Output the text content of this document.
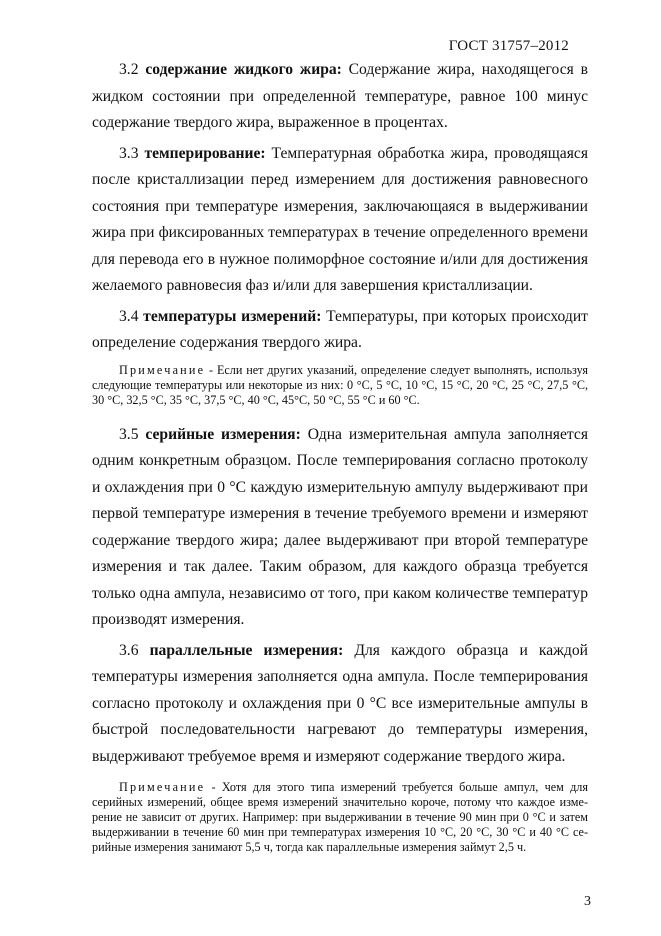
ГОСТ 31757–2012

3.2 содержание жидкого жира: Содержание жира, находящегося в жидком состоянии при определенной температуре, равное 100 минус содержание твердого жира, выраженное в процентах.

3.3 темперирование: Температурная обработка жира, проводящаяся после кристаллизации перед измерением для достижения равновесного состояния при температуре измерения, заключающаяся в выдерживании жира при фиксированных температурах в течение определенного времени для перевода его в нужное полиморфное состояние и/или для достижения желаемого равновесия фаз и/или для завершения кристаллизации.

3.4 температуры измерений: Температуры, при которых происходит определение содержания твердого жира.

Примечание - Если нет других указаний, определение следует выполнять, используя следующие температуры или некоторые из них: 0 °С, 5 °С, 10 °С, 15 °С, 20 °С, 25 °С, 27,5 °С, 30 °С, 32,5 °С, 35 °С, 37,5 °С, 40 °С, 45°С, 50 °С, 55 °С и 60 °С.

3.5 серийные измерения: Одна измерительная ампула заполняется одним конкретным образцом. После темперирования согласно протоколу и охлаждения при 0 °С каждую измерительную ампулу выдерживают при первой температуре измерения в течение требуемого времени и измеряют содержание твердого жира; далее выдерживают при второй температуре измерения и так далее. Таким образом, для каждого образца требуется только одна ампула, независимо от того, при каком количестве температур производят измерения.

3.6 параллельные измерения: Для каждого образца и каждой температуры измерения заполняется одна ампула. После темперирования согласно протоколу и охлаждения при 0 °С все измерительные ампулы в быстрой последовательности нагревают до температуры измерения, выдерживают требуемое время и измеряют содержание твердого жира.

Примечание - Хотя для этого типа измерений требуется больше ампул, чем для серийных измерений, общее время измерений значительно короче, потому что каждое измерение не зависит от других. Например: при выдерживании в течение 90 мин при 0 °С и затем выдерживании в течение 60 мин при температурах измерения 10 °С, 20 °С, 30 °С и 40 °С серийные измерения занимают 5,5 ч, тогда как параллельные измерения займут 2,5 ч.

3
